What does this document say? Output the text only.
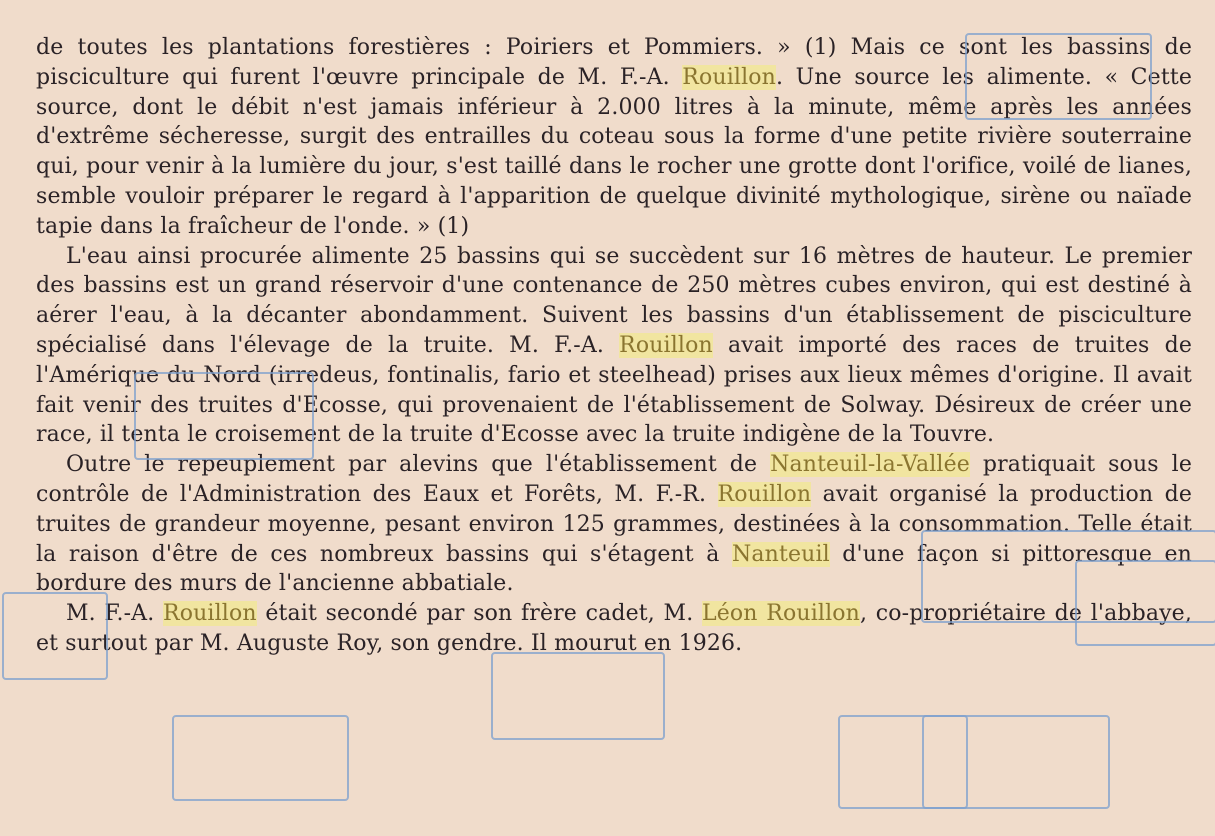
de toutes les plantations forestières : Poiriers et Pommiers. » (1) Mais ce sont les bassins de pisciculture qui furent l'œuvre principale de M. F.-A. Rouillon. Une source les alimente. « Cette source, dont le débit n'est jamais inférieur à 2.000 litres à la minute, même après les années d'extrême sécheresse, surgit des entrailles du coteau sous la forme d'une petite rivière souterraine qui, pour venir à la lumière du jour, s'est taillé dans le rocher une grotte dont l'orifice, voilé de lianes, semble vouloir préparer le regard à l'apparition de quelque divinité mythologique, sirène ou naïade tapie dans la fraîcheur de l'onde. » (1)

L'eau ainsi procurée alimente 25 bassins qui se succèdent sur 16 mètres de hauteur. Le premier des bassins est un grand réservoir d'une contenance de 250 mètres cubes environ, qui est destiné à aérer l'eau, à la décanter abondamment. Suivent les bassins d'un établissement de pisciculture spécialisé dans l'élevage de la truite. M. F.-A. Rouillon avait importé des races de truites de l'Amérique du Nord (irredeus, fontinalis, fario et steelhead) prises aux lieux mêmes d'origine. Il avait fait venir des truites d'Ecosse, qui provenaient de l'établissement de Solway. Désireux de créer une race, il tenta le croisement de la truite d'Ecosse avec la truite indigène de la Touvre.

Outre le repeuplement par alevins que l'établissement de Nanteuil-la-Vallée pratiquait sous le contrôle de l'Administration des Eaux et Forêts, M. F.-R. Rouillon avait organisé la production de truites de grandeur moyenne, pesant environ 125 grammes, destinées à la consommation. Telle était la raison d'être de ces nombreux bassins qui s'étagent à Nanteuil d'une façon si pittoresque en bordure des murs de l'ancienne abbatiale.

M. F.-A. Rouillon était secondé par son frère cadet, M. Léon Rouillon, co-propriétaire de l'abbaye, et surtout par M. Auguste Roy, son gendre. Il mourut en 1926.
